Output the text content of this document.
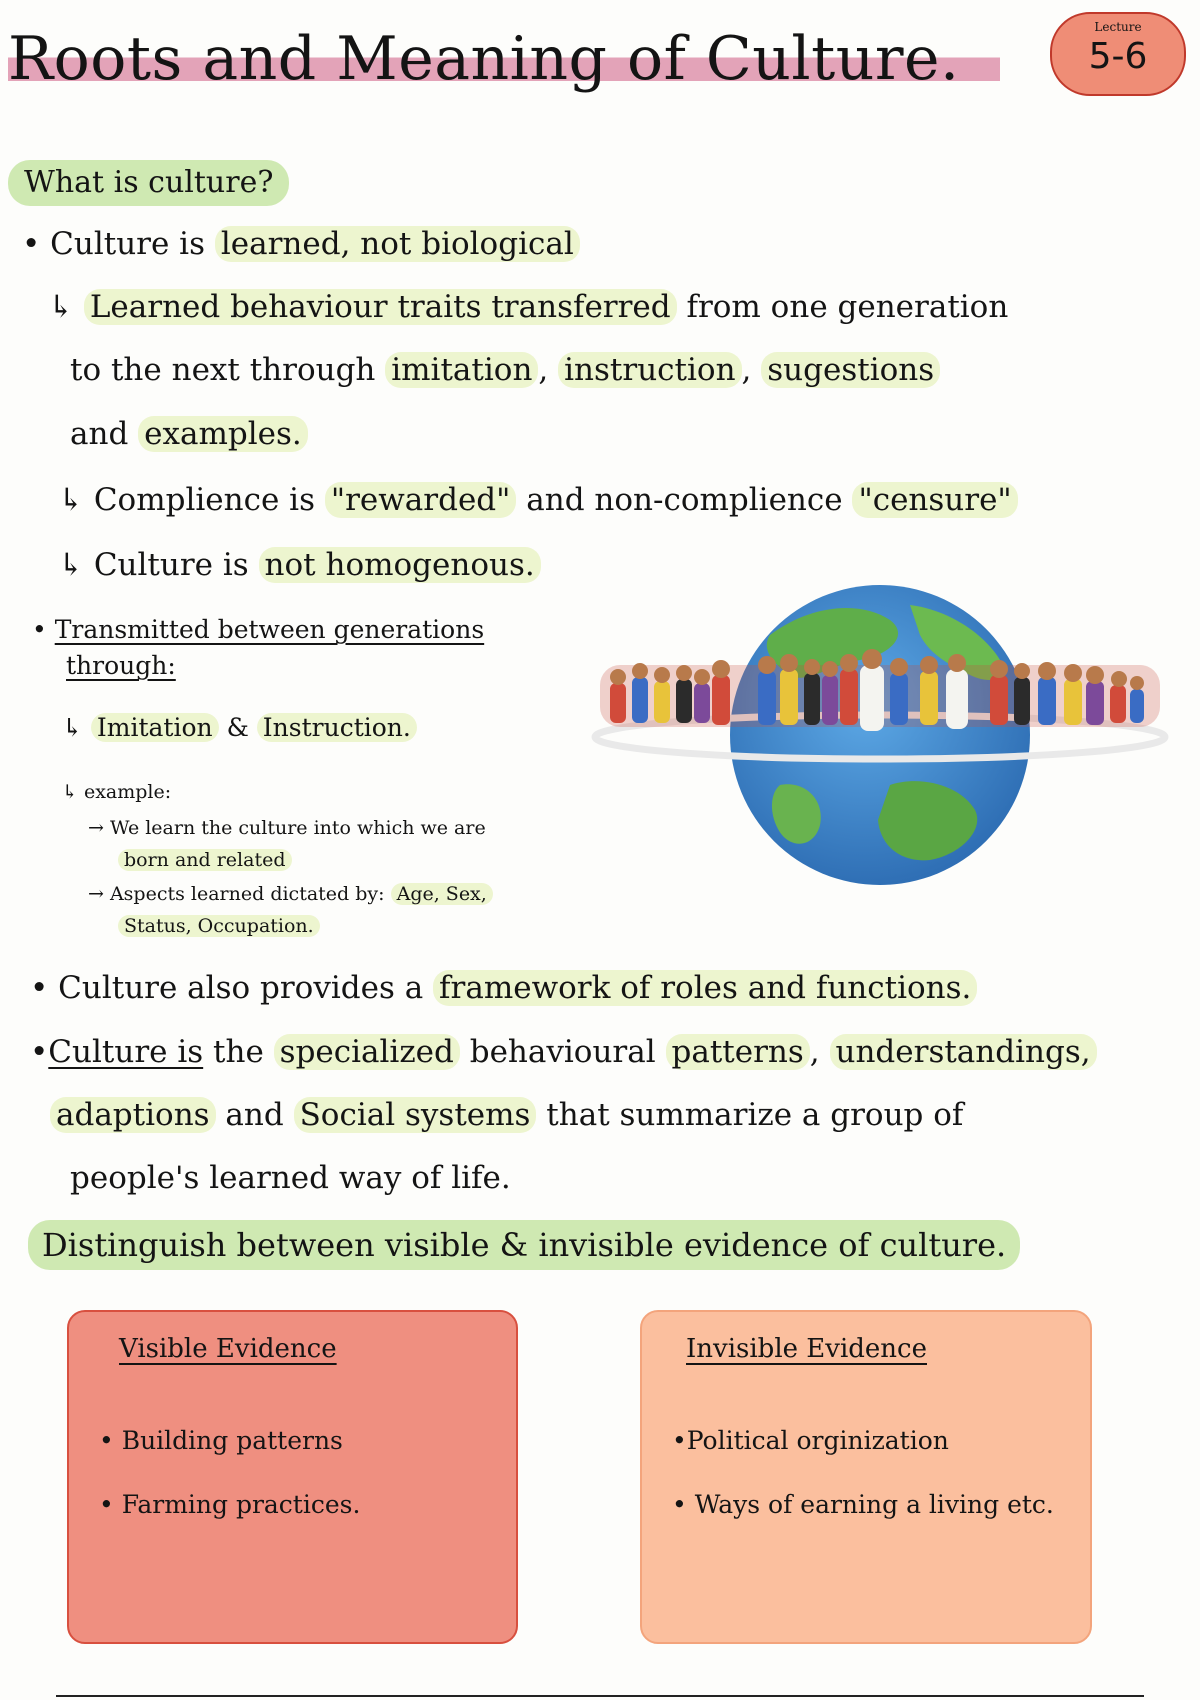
Roots and Meaning of Culture.	Lecture
5-6
What is culture?
• Culture is learned, not biological
↳ Learned behaviour traits transferred from one generation
to the next through imitation , instruction , sugestions
and examples.
↳ Complience is "rewarded" and non-complience "censure"
↳ Culture is not homogenous.
• Transmitted between generations
through:
↳ Imitation & Instruction.
↳ example:
→ We learn the culture into which we are
born and related
→ Aspects learned dictated by: Age, Sex,
Status, Occupation.
• Culture also provides a framework of roles and functions.
•Culture is the specialized behavioural patterns , understandings,
adaptions and Social systems that summarize a group of
people's learned way of life.
Distinguish between visible & invisible evidence of culture.
Visible Evidence
• Building patterns
• Farming practices.
Invisible Evidence
•Political orginization
• Ways of earning a living etc.
